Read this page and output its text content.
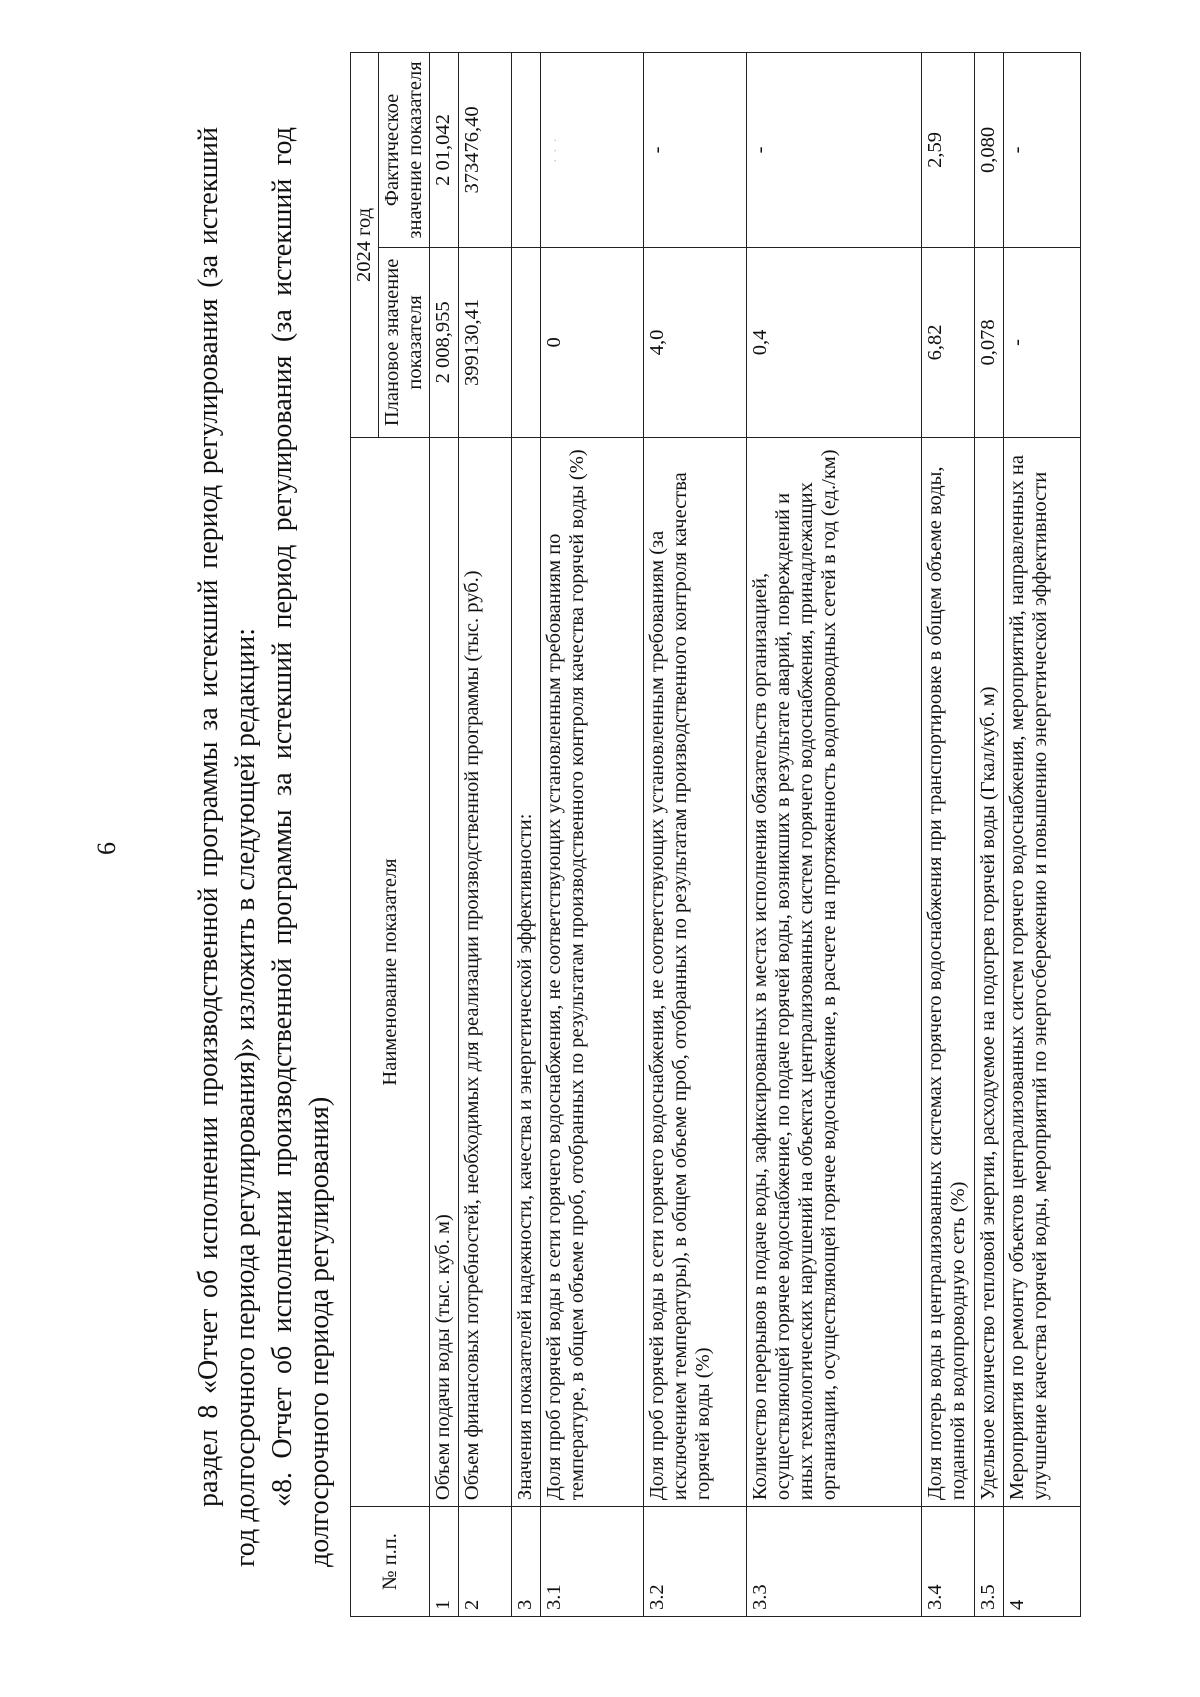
6	раздел 8 «Отчет об исполнении производственной программы за истекший период регулирования (за истекший год долгосрочного периода регулирования)» изложить в следующей редакции: «8. Отчет об исполнении производственной программы за истекший период регулирования (за истекший год долгосрочного периода регулирования) № п.п.	Наименование показателя	2024 год	
		Плановое значение показателя	Фактическое значение показателя
1	Объем подачи воды (тыс. куб. м)	2 008,955	2 01,042
2	Объем финансовых потребностей, необходимых для реализации производственной программы (тыс. руб.)	399130,41	373476,40
3	Значения показателей надежности, качества и энергетической эффективности:		
3.1	Доля проб горячей воды в сети горячего водоснабжения, не соответствующих установленным требованиям по температуре, в общем объеме проб, отобранных по результатам производственного контроля качества горячей воды (%)	0	· · ·
3.2	Доля проб горячей воды в сети горячего водоснабжения, не соответствующих установленным требованиям (за исключением температуры), в общем объеме проб, отобранных по результатам производственного контроля качества горячей воды (%)	4,0	-
3.3	Количество перерывов в подаче воды, зафиксированных в местах исполнения обязательств организацией, осуществляющей горячее водоснабжение, по подаче горячей воды, возникших в результате аварий, повреждений и иных технологических нарушений на объектах централизованных систем горячего водоснабжения, принадлежащих организации, осуществляющей горячее водоснабжение, в расчете на протяженность водопроводных сетей в год (ед./км)	0,4	-
3.4	Доля потерь воды в централизованных системах горячего водоснабжения при транспортировке в общем объеме воды, поданной в водопроводную сеть (%)	6,82	2,59
3.5	Удельное количество тепловой энергии, расходуемое на подогрев горячей воды (Гкал/куб. м)	0,078	0,080
4	Мероприятия по ремонту объектов централизованных систем горячего водоснабжения, мероприятий, направленных на улучшение качества горячей воды, мероприятий по энергосбережению и повышению энергетической эффективности	-	-
